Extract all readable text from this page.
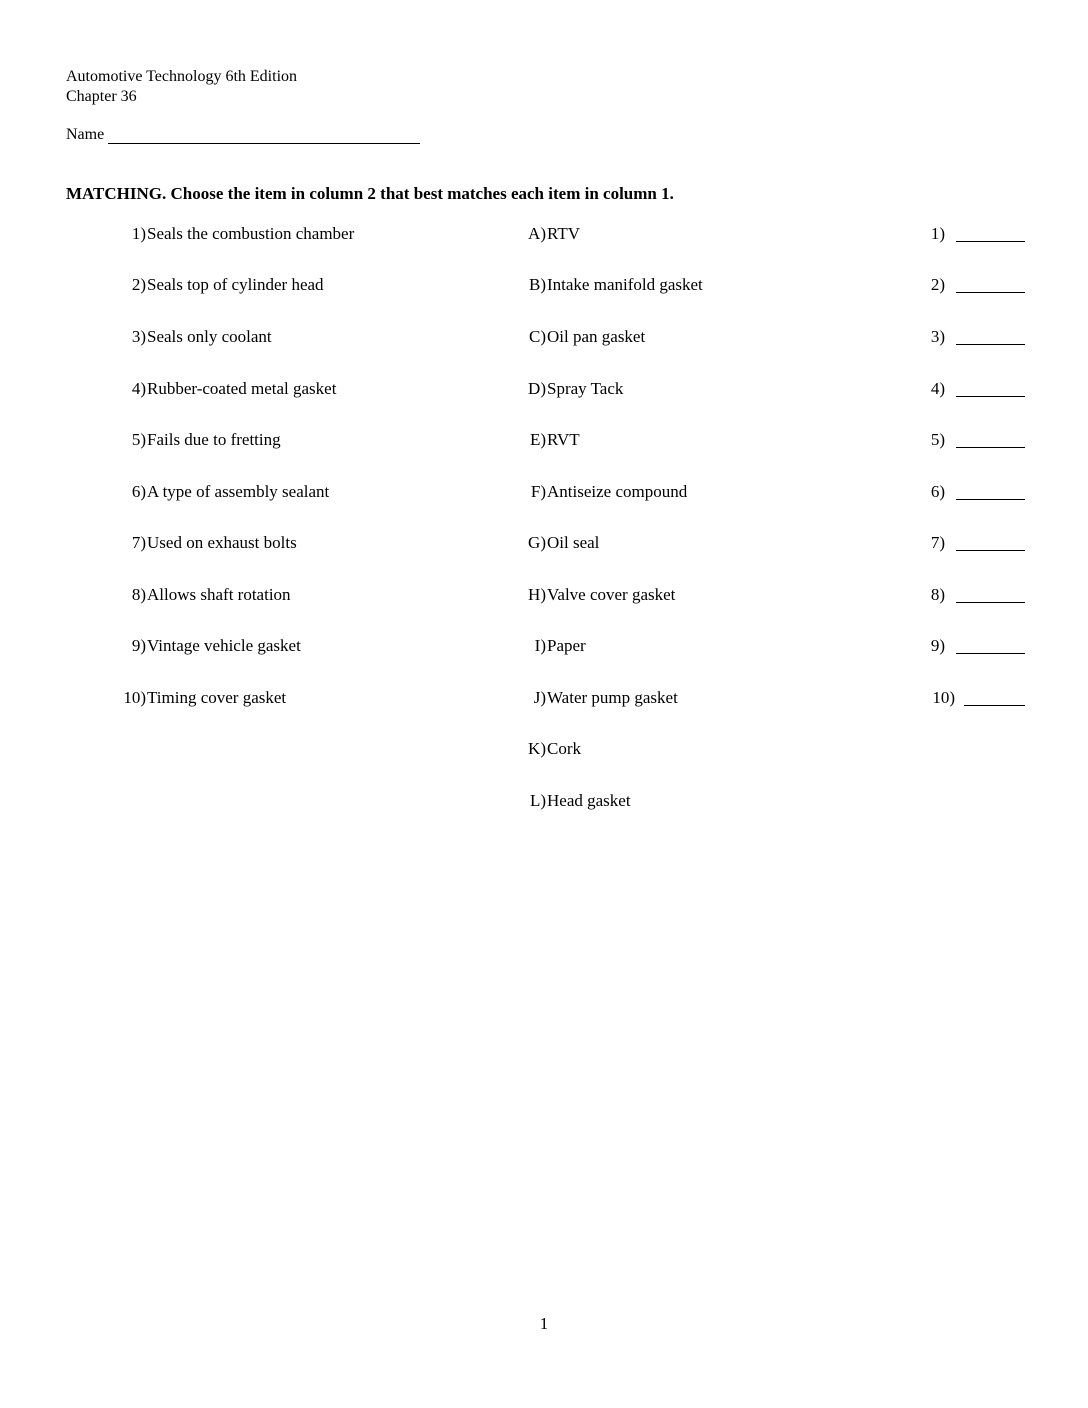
Automotive Technology 6th Edition
Chapter 36
Name
MATCHING. Choose the item in column 2 that best matches each item in column 1.
1) Seals the combustion chamber	A) RTV	1)
2) Seals top of cylinder head	B) Intake manifold gasket	2)
3) Seals only coolant	C) Oil pan gasket	3)
4) Rubber-coated metal gasket	D) Spray Tack	4)
5) Fails due to fretting	E) RVT	5)
6) A type of assembly sealant	F) Antiseize compound	6)
7) Used on exhaust bolts	G) Oil seal	7)
8) Allows shaft rotation	H) Valve cover gasket	8)
9) Vintage vehicle gasket	I) Paper	9)
10) Timing cover gasket	J) Water pump gasket	10)
K) Cork
L) Head gasket
1
